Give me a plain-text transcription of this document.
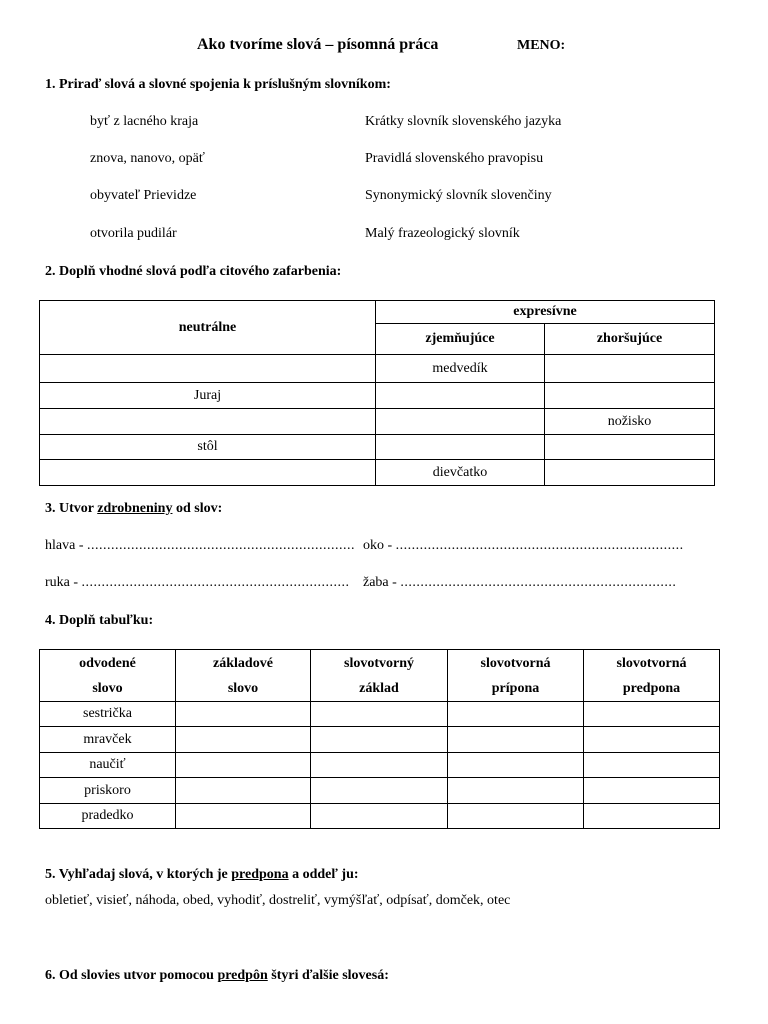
Ako tvoríme slová – písomná práca	MENO:
1. Priraď slová a slovné spojenia k príslušným slovníkom:
byť z lacného kraja
znova, nanovo, opäť
obyvateľ Prievidze
otvorila pudilár
Krátky slovník slovenského jazyka
Pravidlá slovenského pravopisu
Synonymický slovník slovenčiny
Malý frazeologický slovník
2. Doplň vhodné slová podľa citového zafarbenia:
neutrálne	expresívne	
	zjemňujúce	zhoršujúce
	medvedík	
Juraj		
		nožisko
stôl		
	dievčatko	
3. Utvor zdrobneniny od slov:
hlava - ................................................................... oko - ........................................................................
ruka - ................................................................... žaba - .....................................................................
4. Doplň tabuľku:
odvodené
slovo	základové
slovo	slovotvorný
základ	slovotvorná
prípona	slovotvorná
predpona
sestrička				
mravček				
naučiť				
priskoro				
pradedko				
5. Vyhľadaj slová, v ktorých je predpona a oddeľ ju:
obletieť, visieť, náhoda, obed, vyhodiť, dostreliť, vymýšľať, odpísať, domček, otec
6. Od slovies utvor pomocou predpôn štyri ďalšie slovesá:
